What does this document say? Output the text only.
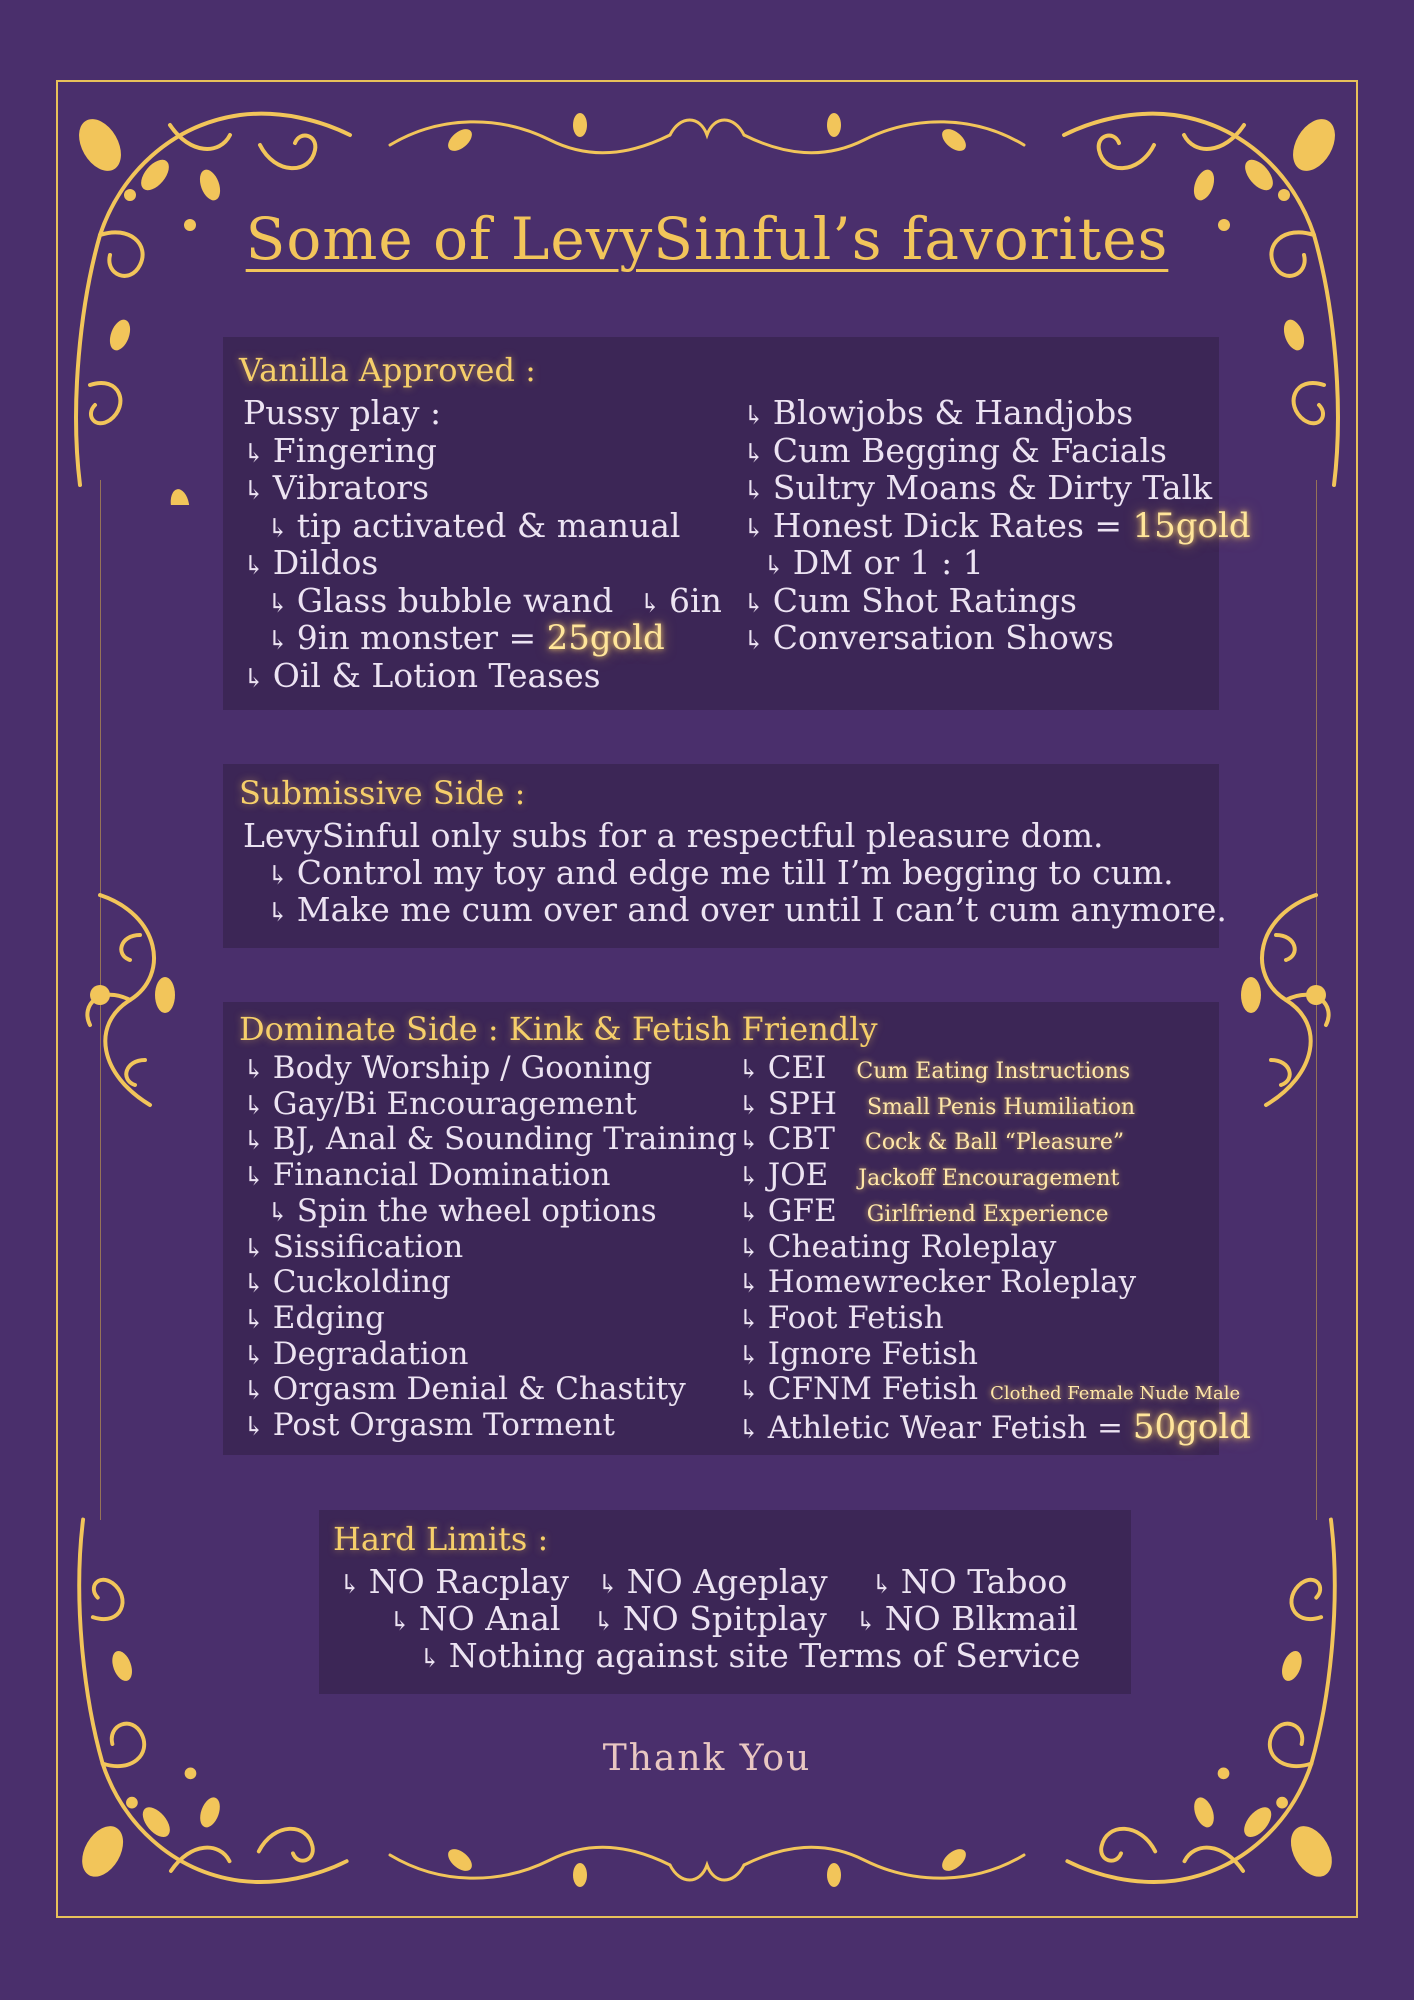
Some of LevySinful’s favorites
Vanilla Approved :
Pussy play :
↳ Fingering
↳ Vibrators
↳ tip activated & manual
↳ Dildos
↳ Glass bubble wand ↳ 6in
↳ 9in monster = 25gold
↳ Oil & Lotion Teases
↳ Blowjobs & Handjobs
↳ Cum Begging & Facials
↳ Sultry Moans & Dirty Talk
↳ Honest Dick Rates = 15gold
↳ DM or 1 : 1
↳ Cum Shot Ratings
↳ Conversation Shows
Submissive Side :
LevySinful only subs for a respectful pleasure dom.
↳ Control my toy and edge me till I’m begging to cum.
↳ Make me cum over and over until I can’t cum anymore.
Dominate Side : Kink & Fetish Friendly
↳ Body Worship / Gooning
↳ Gay/Bi Encouragement
↳ BJ, Anal & Sounding Training
↳ Financial Domination
↳ Spin the wheel options
↳ Sissification
↳ Cuckolding
↳ Edging
↳ Degradation
↳ Orgasm Denial & Chastity
↳ Post Orgasm Torment
↳ CEI Cum Eating Instructions
↳ SPH Small Penis Humiliation
↳ CBT Cock & Ball “Pleasure”
↳ JOE Jackoff Encouragement
↳ GFE Girlfriend Experience
↳ Cheating Roleplay
↳ Homewrecker Roleplay
↳ Foot Fetish
↳ Ignore Fetish
↳ CFNM Fetish Clothed Female Nude Male
↳ Athletic Wear Fetish = 50gold
Hard Limits :
↳ NO Racplay ↳ NO Ageplay ↳ NO Taboo
↳ NO Anal ↳ NO Spitplay ↳ NO Blkmail
↳ Nothing against site Terms of Service
Thank You
